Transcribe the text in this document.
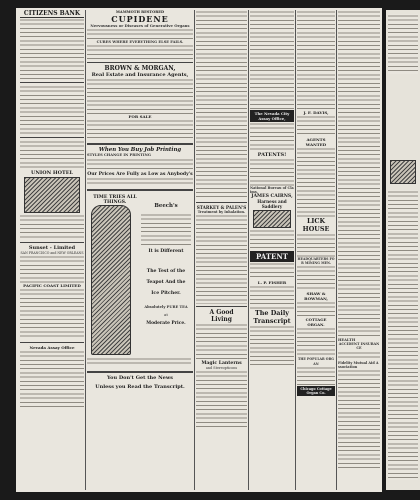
CITIZENS BANK
UNION HOTEL
Sunset - Limited
SAN FRANCISCO and NEW ORLEANS
PACIFIC COAST LIMITED
Nevada Assay Office
MAMMOTH RESTORED
CUPIDENE
Nervousness or Diseases of Generative Organs
CURES WHERE EVERYTHING ELSE FAILS.
BROWN & MORGAN,
Real Estate and Insurance Agents,
FOR SALE
When You Buy Job Printing
STYLES CHANGE IN PRINTING
Our Prices Are Fully as Low as Anybody's
TIME TRIES ALL THINGS.
Beech's
It is Different
The Test of the
Teapot And the
Ice Pitcher.
Absolutely PURE TEA
at
Moderate Price.
You Don't Get the News
Unless you Read the Transcript.
STARKEY & PALEN'S
Treatment by Inhalation.
A Good
Living
Magic Lanterns
and Stereopticons
The Nevada City Assay Office,
PATENTS!
National Bureau of Claims,
JAMES CAIRNS,
Harness and Saddlery
PATENT
L. P. FISHER
The Daily
Transcript
J. F. DAVIS,
AGENTS WANTED
LICK HOUSE
HEADQUARTERS FOR MINING MEN.
SHAW & BOWMAN,
COTTAGE ORGAN.
THE POPULAR ORGAN
Chicago Cottage Organ Co.
HEALTH
ACCIDENT INSURANCE
Fidelity Mutual Aid Association
